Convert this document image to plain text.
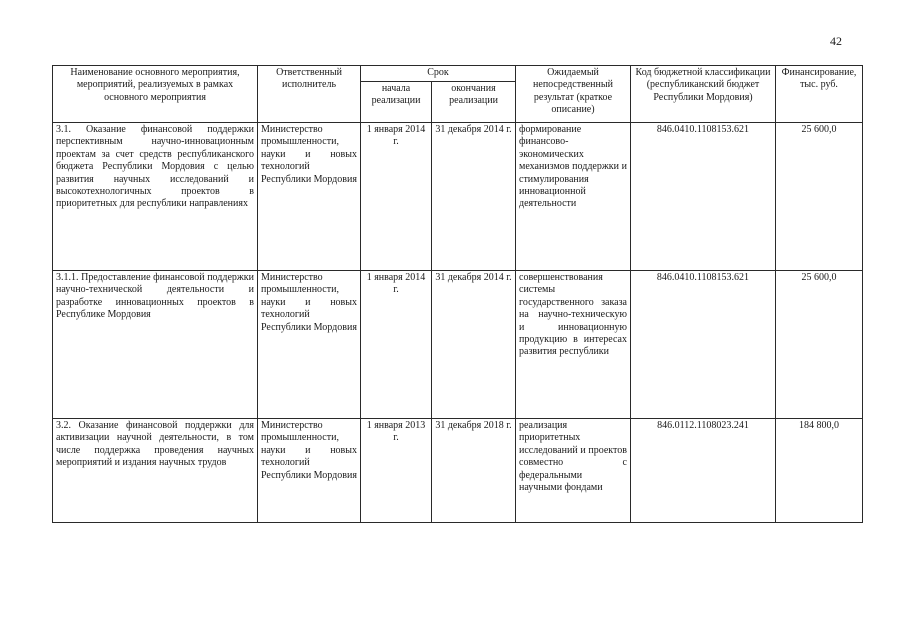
42
Наименование основного мероприятия, мероприятий, реализуемых в рамках основного мероприятия	Ответственный исполнитель	Срок		Ожидаемый непосредственный результат (краткое описание)	Код бюджетной классификации (республиканский бюджет Республики Мордовия)	Финансирование, тыс. руб.
		начала реализации	окончания реализации			
3.1. Оказание финансовой поддержки перспективным научно-инновационным проектам за счет средств республиканского бюджета Республики Мордовия с целью развития научных исследований и высокотехнологичных проектов в приоритетных для республики направлениях	Министерство промышленности, науки и новых технологий Республики Мордовия	1 января 2014 г.	31 декабря 2014 г.	формирование финансово-экономических механизмов поддержки и стимулирования инновационной деятельности	846.0410.1108153.621	25 600,0
3.1.1. Предоставление финансовой поддержки научно-технической деятельности и разработке инновационных проектов в Республике Мордовия	Министерство промышленности, науки и новых технологий Республики Мордовия	1 января 2014 г.	31 декабря 2014 г.	совершенствования системы государственного заказа на научно-техническую и инновационную продукцию в интересах развития республики	846.0410.1108153.621	25 600,0
3.2. Оказание финансовой поддержки для активизации научной деятельности, в том числе поддержка проведения научных мероприятий и издания научных трудов	Министерство промышленности, науки и новых технологий Республики Мордовия	1 января 2013 г.	31 декабря 2018 г.	реализация приоритетных исследований и проектов совместно с федеральными научными фондами	846.0112.1108023.241	184 800,0
